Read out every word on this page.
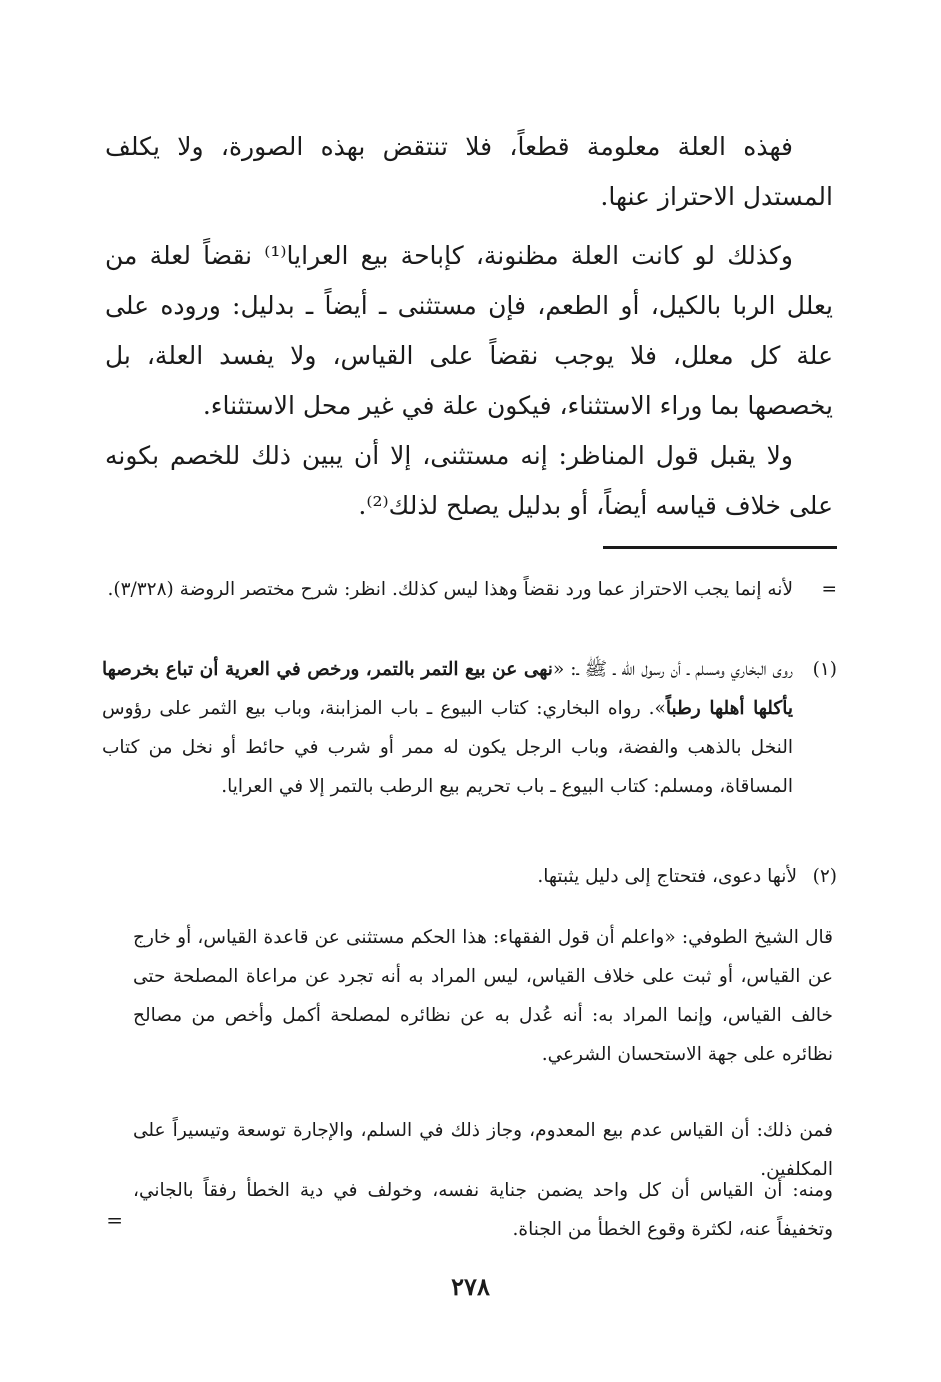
فهذه العلة معلومة قطعاً، فلا تنتقض بهذه الصورة، ولا يكلف المستدل الاحتراز عنها.

وكذلك لو كانت العلة مظنونة، كإباحة بيع العرايا⁽¹⁾ نقضاً لعلة من يعلل الربا بالكيل، أو الطعم، فإن مستثنى ـ أيضاً ـ بدليل: وروده على علة كل معلل، فلا يوجب نقضاً على القياس، ولا يفسد العلة، بل يخصصها بما وراء الاستثناء، فيكون علة في غير محل الاستثناء.

ولا يقبل قول المناظر: إنه مستثنى، إلا أن يبين ذلك للخصم بكونه على خلاف قياسه أيضاً، أو بدليل يصلح لذلك⁽²⁾.

=

لأنه إنما يجب الاحتراز عما ورد نقضاً وهذا ليس كذلك. انظر: شرح مختصر الروضة (٣/٣٢٨).

(١)

روى البخاري ومسلم ـ أن رسول الله ـ ﷺ ـ: «نهى عن بيع التمر بالتمر، ورخص في العرية أن تباع بخرصها يأكلها أهلها رطباً». رواه البخاري: كتاب البيوع ـ باب المزابنة، وباب بيع الثمر على رؤوس النخل بالذهب والفضة، وباب الرجل يكون له ممر أو شرب في حائط أو نخل من كتاب المساقاة، ومسلم: كتاب البيوع ـ باب تحريم بيع الرطب بالتمر إلا في العرايا.

(٢)

لأنها دعوى، فتحتاج إلى دليل يثبتها.

قال الشيخ الطوفي: «واعلم أن قول الفقهاء: هذا الحكم مستثنى عن قاعدة القياس، أو خارج عن القياس، أو ثبت على خلاف القياس، ليس المراد به أنه تجرد عن مراعاة المصلحة حتى خالف القياس، وإنما المراد به: أنه عُدل به عن نظائره لمصلحة أكمل وأخص من مصالح نظائره على جهة الاستحسان الشرعي.

فمن ذلك: أن القياس عدم بيع المعدوم، وجاز ذلك في السلم، والإجارة توسعة وتيسيراً على المكلفين.

ومنه: أن القياس أن كل واحد يضمن جناية نفسه، وخولف في دية الخطأ رفقاً بالجاني، وتخفيفاً عنه، لكثرة وقوع الخطأ من الجناة.

=
٢٧٨
